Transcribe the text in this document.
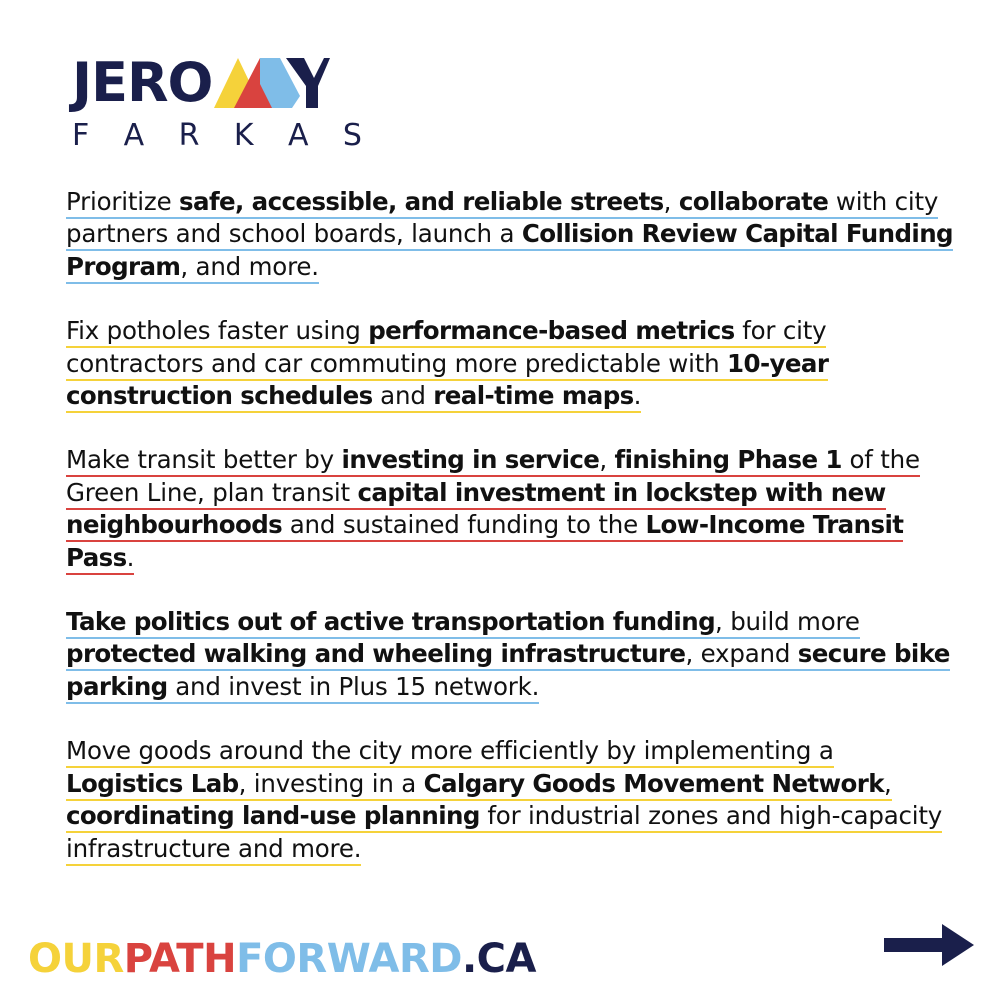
JERO MY
F A R K A S

Prioritize safe, accessible, and reliable streets, collaborate with city partners and school boards, launch a Collision Review Capital Funding Program, and more.

Fix potholes faster using performance-based metrics for city contractors and car commuting more predictable with 10-year construction schedules and real-time maps.

Make transit better by investing in service, finishing Phase 1 of the Green Line, plan transit capital investment in lockstep with new neighbourhoods and sustained funding to the Low-Income Transit Pass.

Take politics out of active transportation funding, build more protected walking and wheeling infrastructure, expand secure bike parking and invest in Plus 15 network.

Move goods around the city more efficiently by implementing a Logistics Lab, investing in a Calgary Goods Movement Network, coordinating land-use planning for industrial zones and high-capacity infrastructure and more.

OURPATHFORWARD.CA
